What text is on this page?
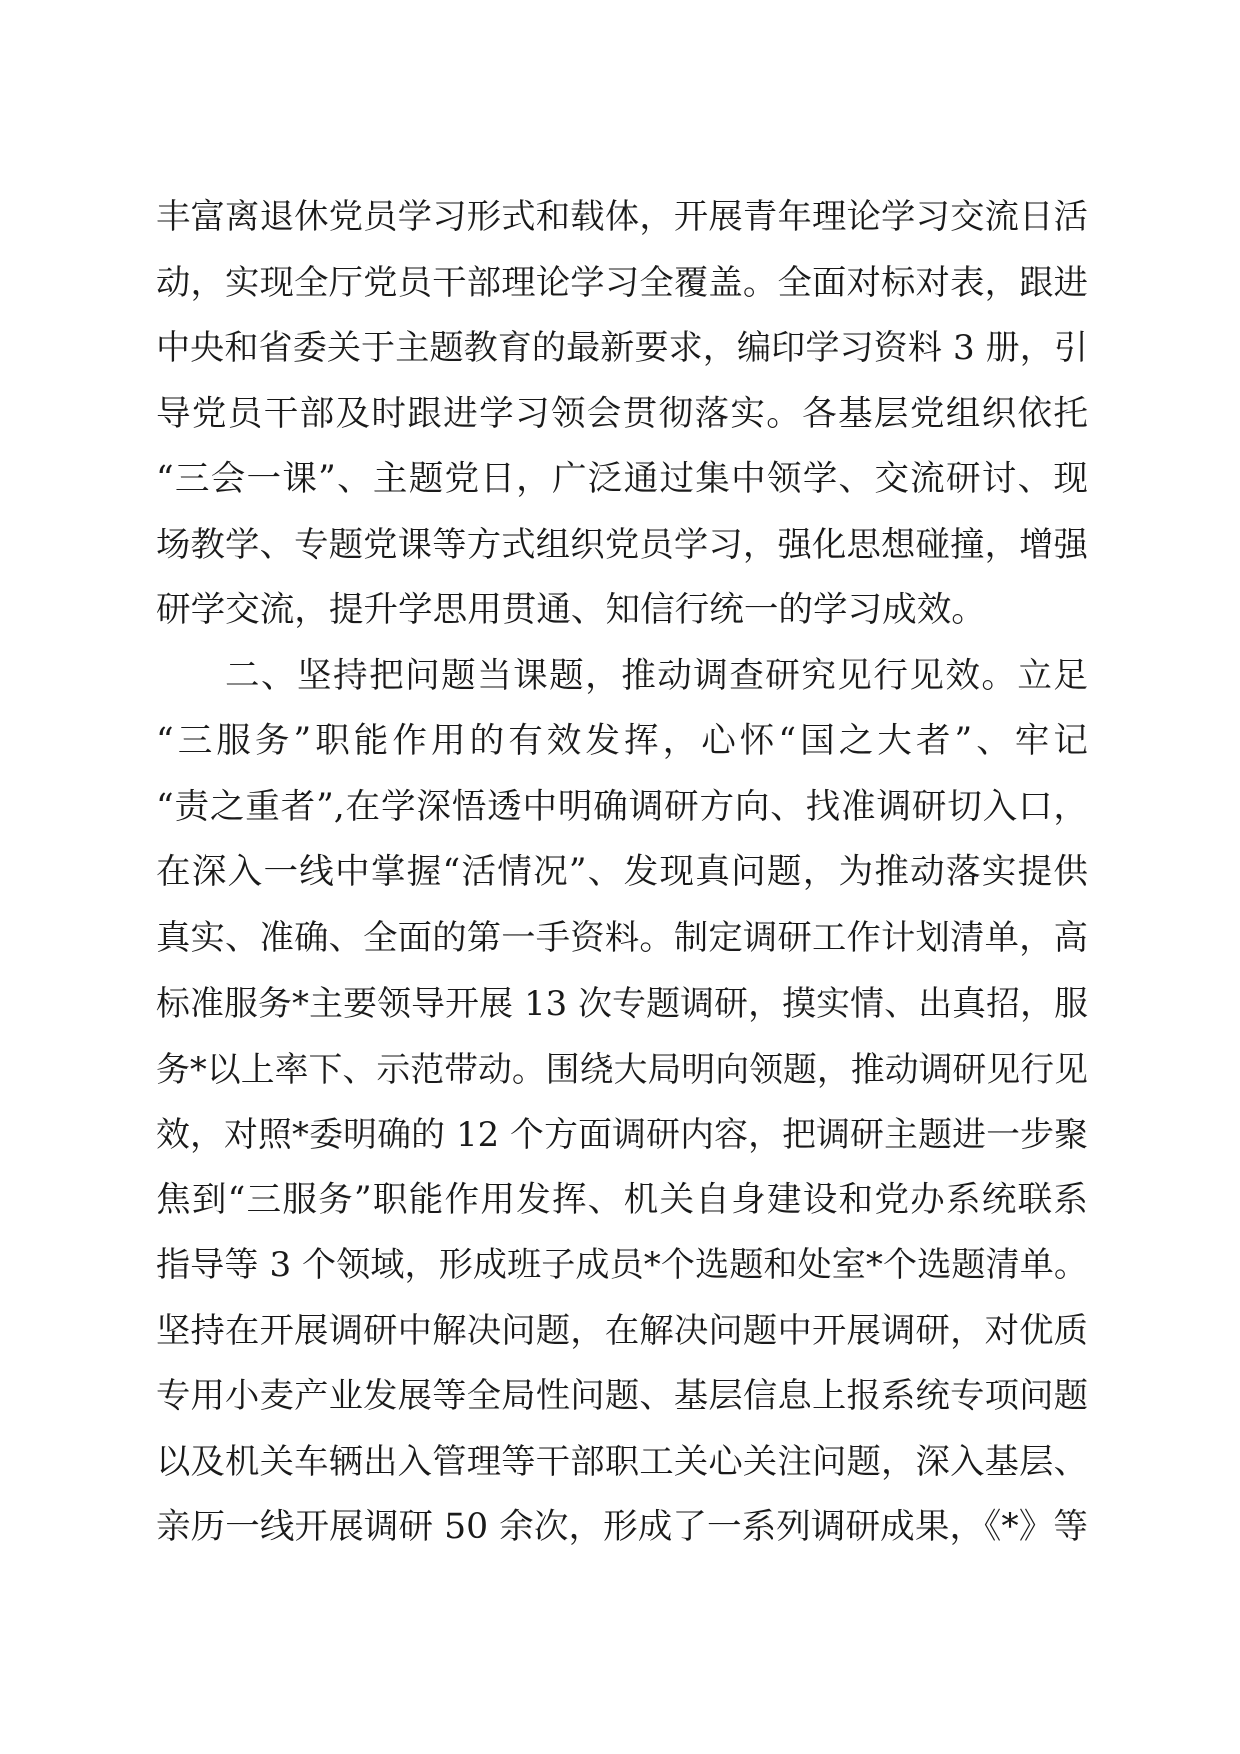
丰富离退休党员学习形式和载体，开展青年理论学习交流日活
动，实现全厅党员干部理论学习全覆盖。全面对标对表，跟进
中央和省委关于主题教育的最新要求，编印学习资料 3 册，引
导党员干部及时跟进学习领会贯彻落实。各基层党组织依托
“三会一课”、主题党日，广泛通过集中领学、交流研讨、现
场教学、专题党课等方式组织党员学习，强化思想碰撞，增强
研学交流，提升学思用贯通、知信行统一的学习成效。
二、坚持把问题当课题，推动调查研究见行见效。立足
“三服务”职能作用的有效发挥，心怀“国之大者”、牢记
“责之重者”,在学深悟透中明确调研方向、找准调研切入口，
在深入一线中掌握“活情况”、发现真问题，为推动落实提供
真实、准确、全面的第一手资料。制定调研工作计划清单，高
标准服务*主要领导开展 13 次专题调研，摸实情、出真招，服
务*以上率下、示范带动。围绕大局明向领题，推动调研见行见
效，对照*委明确的 12 个方面调研内容，把调研主题进一步聚
焦到“三服务”职能作用发挥、机关自身建设和党办系统联系
指导等 3 个领域，形成班子成员*个选题和处室*个选题清单。
坚持在开展调研中解决问题，在解决问题中开展调研，对优质
专用小麦产业发展等全局性问题、基层信息上报系统专项问题
以及机关车辆出入管理等干部职工关心关注问题，深入基层、
亲历一线开展调研 50 余次，形成了一系列调研成果，《*》等
